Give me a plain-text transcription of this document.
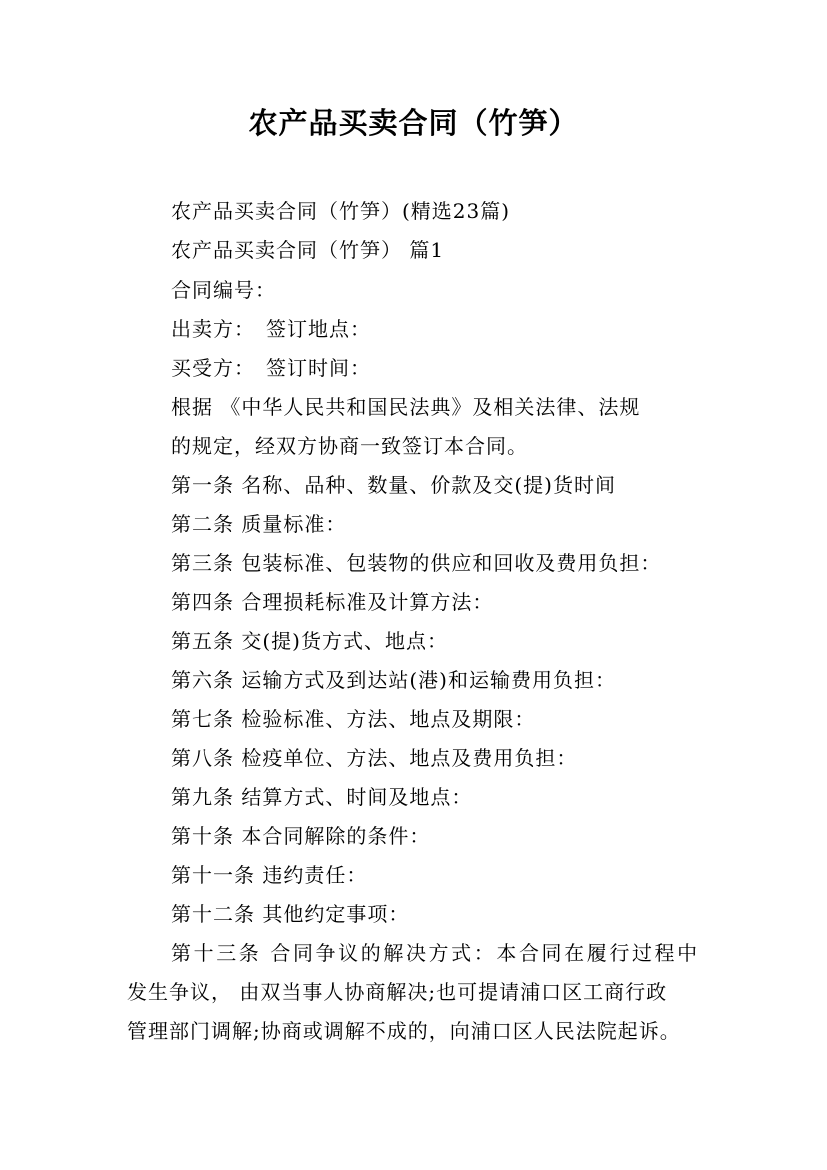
农产品买卖合同（竹笋）
农产品买卖合同（竹笋）(精选23篇)
农产品买卖合同（竹笋） 篇1
合同编号：
出卖方：　签订地点：
买受方：　签订时间：
根据 《中华人民共和国民法典》及相关法律、法规
的规定，经双方协商一致签订本合同。
第一条 名称、品种、数量、价款及交(提)货时间
第二条 质量标准：
第三条 包装标准、包装物的供应和回收及费用负担：
第四条 合理损耗标准及计算方法：
第五条 交(提)货方式、地点：
第六条 运输方式及到达站(港)和运输费用负担：
第七条 检验标准、方法、地点及期限：
第八条 检疫单位、方法、地点及费用负担：
第九条 结算方式、时间及地点：
第十条 本合同解除的条件：
第十一条 违约责任：
第十二条 其他约定事项：
第十三条 合同争议的解决方式：本合同在履行过程中
发生争议， 由双当事人协商解决;也可提请浦口区工商行政
管理部门调解;协商或调解不成的，向浦口区人民法院起诉。
